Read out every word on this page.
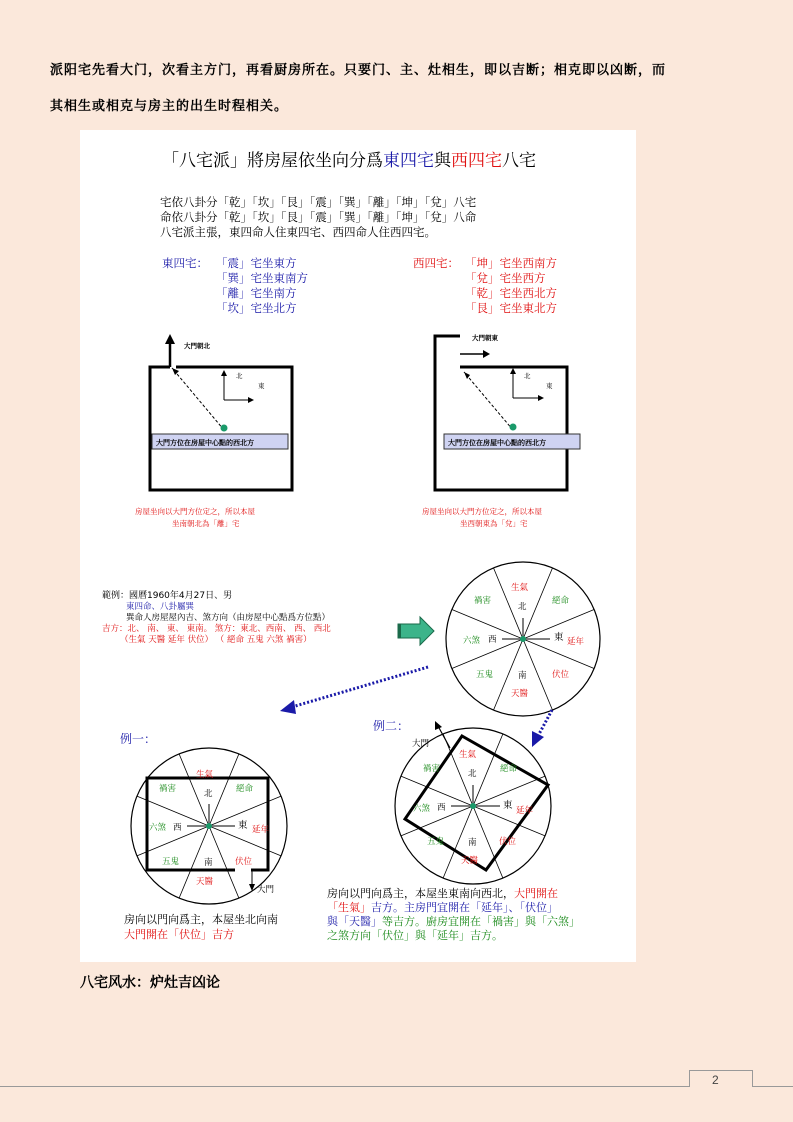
派阳宅先看大门，次看主方门，再看厨房所在。只要门、主、灶相生，即以吉断；相克即以凶断，而
其相生或相克与房主的出生时程相关。
「八宅派」將房屋依坐向分爲東四宅與西四宅八宅
宅依八卦分「乾」「坎」「艮」「震」「巽」「離」「坤」「兌」八宅
命依八卦分「乾」「坎」「艮」「震」「巽」「離」「坤」「兌」八命
八宅派主張，東四命人住東四宅、西四命人住西四宅。
東四宅： 「震」宅坐東方
「巽」宅坐東南方
「離」宅坐南方
「坎」宅坐北方
西四宅： 「坤」宅坐西南方
「兌」宅坐西方
「乾」宅坐西北方
「艮」宅坐東北方
大門朝北
北
東
大門方位在房屋中心點的西北方
房屋坐向以大門方位定之，所以本屋
坐南朝北為「離」宅
大門朝東
北
東
大門方位在房屋中心點的西北方
房屋坐向以大門方位定之，所以本屋
坐西朝東為「兌」宅
範例：國曆1960年4月27日、男
東四命、八卦屬巽
巽命人房屋屋內吉、煞方向（由房屋中心點爲方位點）
吉方：北、 南、 東、 東南。 煞方：東北、西南、 西、 西北
（生氣 天醫 延年 伏位） （ 絕命 五鬼 六煞 禍害）
生氣
北
絕命
禍害
六煞 西	東 延年
五鬼	南	伏位
天醫
例一：
大門
生氣
北	絕命
禍害
六煞 西	東 延年
五鬼	南	伏位
天醫
房向以門向爲主，本屋坐北向南
大門開在「伏位」吉方
例二：
大門
生氣
北	絕命
禍害
六煞 西	東 延年
五鬼	南	伏位
天醫
房向以門向爲主，本屋坐東南向西北，大門開在
「生氣」吉方。主房門宜開在「延年」、「伏位」
與「天醫」等吉方。廚房宜開在「禍害」與「六煞」
之煞方向「伏位」與「延年」吉方。
八宅风水：炉灶吉凶论
2
